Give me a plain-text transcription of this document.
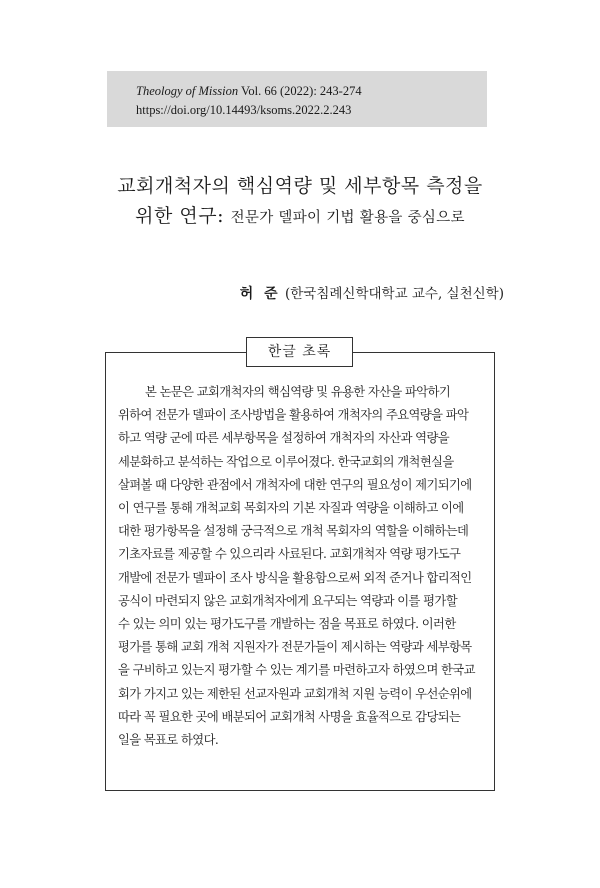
Theology of Mission Vol. 66 (2022): 243-274
https://doi.org/10.14493/ksoms.2022.2.243
교회개척자의 핵심역량 및 세부항목 측정을
위한 연구: 전문가 델파이 기법 활용을 중심으로
허 준 (한국침례신학대학교 교수, 실천신학)
한글 초록
본 논문은 교회개척자의 핵심역량 및 유용한 자산을 파악하기
위하여 전문가 델파이 조사방법을 활용하여 개척자의 주요역량을 파악
하고 역량 군에 따른 세부항목을 설정하여 개척자의 자산과 역량을
세분화하고 분석하는 작업으로 이루어졌다. 한국교회의 개척현실을
살펴볼 때 다양한 관점에서 개척자에 대한 연구의 필요성이 제기되기에
이 연구를 통해 개척교회 목회자의 기본 자질과 역량을 이해하고 이에
대한 평가항목을 설정해 궁극적으로 개척 목회자의 역할을 이해하는데
기초자료를 제공할 수 있으리라 사료된다. 교회개척자 역량 평가도구
개발에 전문가 델파이 조사 방식을 활용함으로써 외적 준거나 합리적인
공식이 마련되지 않은 교회개척자에게 요구되는 역량과 이를 평가할
수 있는 의미 있는 평가도구를 개발하는 점을 목표로 하였다. 이러한
평가를 통해 교회 개척 지원자가 전문가들이 제시하는 역량과 세부항목
을 구비하고 있는지 평가할 수 있는 계기를 마련하고자 하였으며 한국교
회가 가지고 있는 제한된 선교자원과 교회개척 지원 능력이 우선순위에
따라 꼭 필요한 곳에 배분되어 교회개척 사명을 효율적으로 감당되는
일을 목표로 하였다.
